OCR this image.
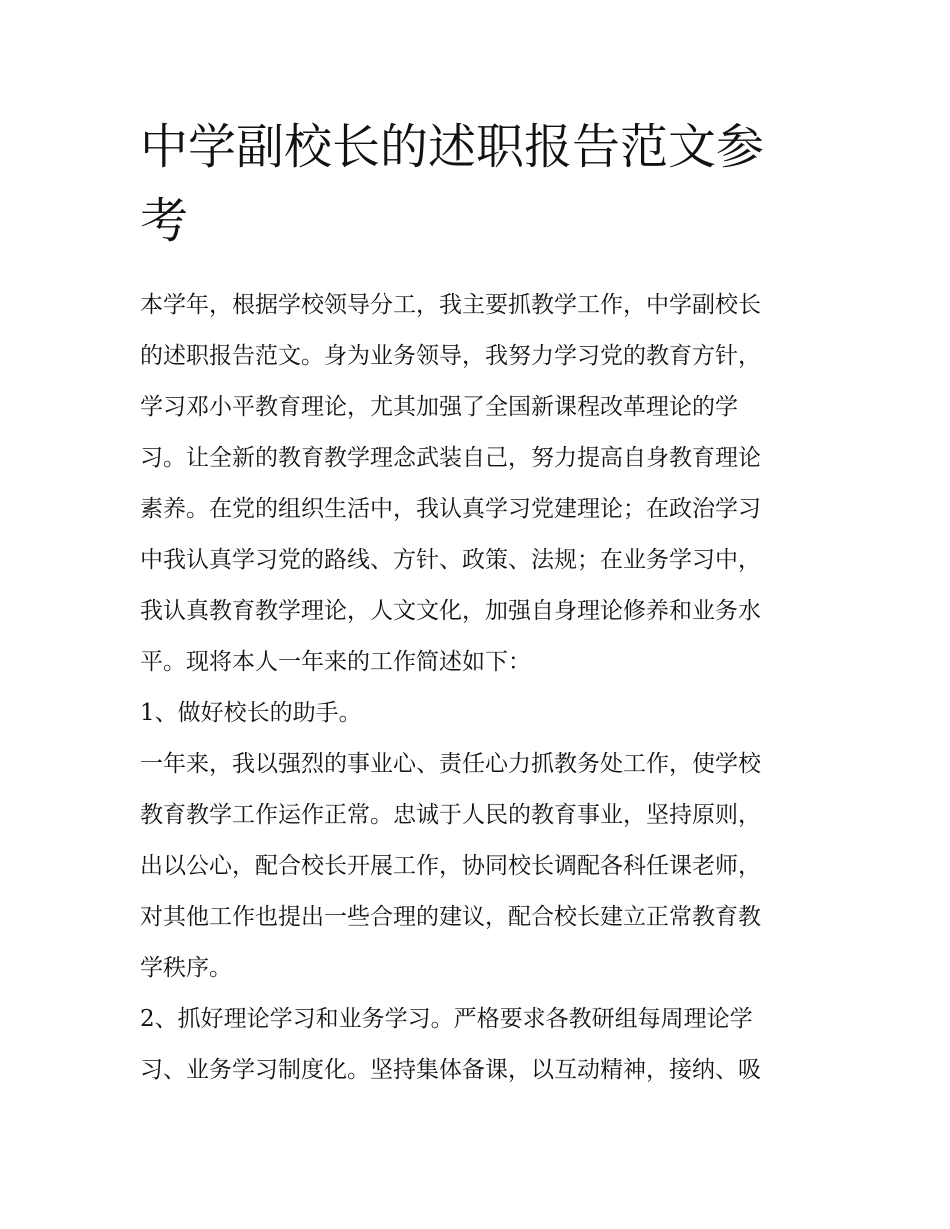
中学副校长的述职报告范文参
考

本学年，根据学校领导分工，我主要抓教学工作，中学副校长
的述职报告范文。身为业务领导，我努力学习党的教育方针，
学习邓小平教育理论，尤其加强了全国新课程改革理论的学
习。让全新的教育教学理念武装自己，努力提高自身教育理论
素养。在党的组织生活中，我认真学习党建理论；在政治学习
中我认真学习党的路线、方针、政策、法规；在业务学习中，
我认真教育教学理论，人文文化，加强自身理论修养和业务水
平。现将本人一年来的工作简述如下：

1、做好校长的助手。

一年来，我以强烈的事业心、责任心力抓教务处工作，使学校
教育教学工作运作正常。忠诚于人民的教育事业，坚持原则，
出以公心，配合校长开展工作，协同校长调配各科任课老师，
对其他工作也提出一些合理的建议，配合校长建立正常教育教
学秩序。

2、抓好理论学习和业务学习。严格要求各教研组每周理论学
习、业务学习制度化。坚持集体备课，以互动精神，接纳、吸
